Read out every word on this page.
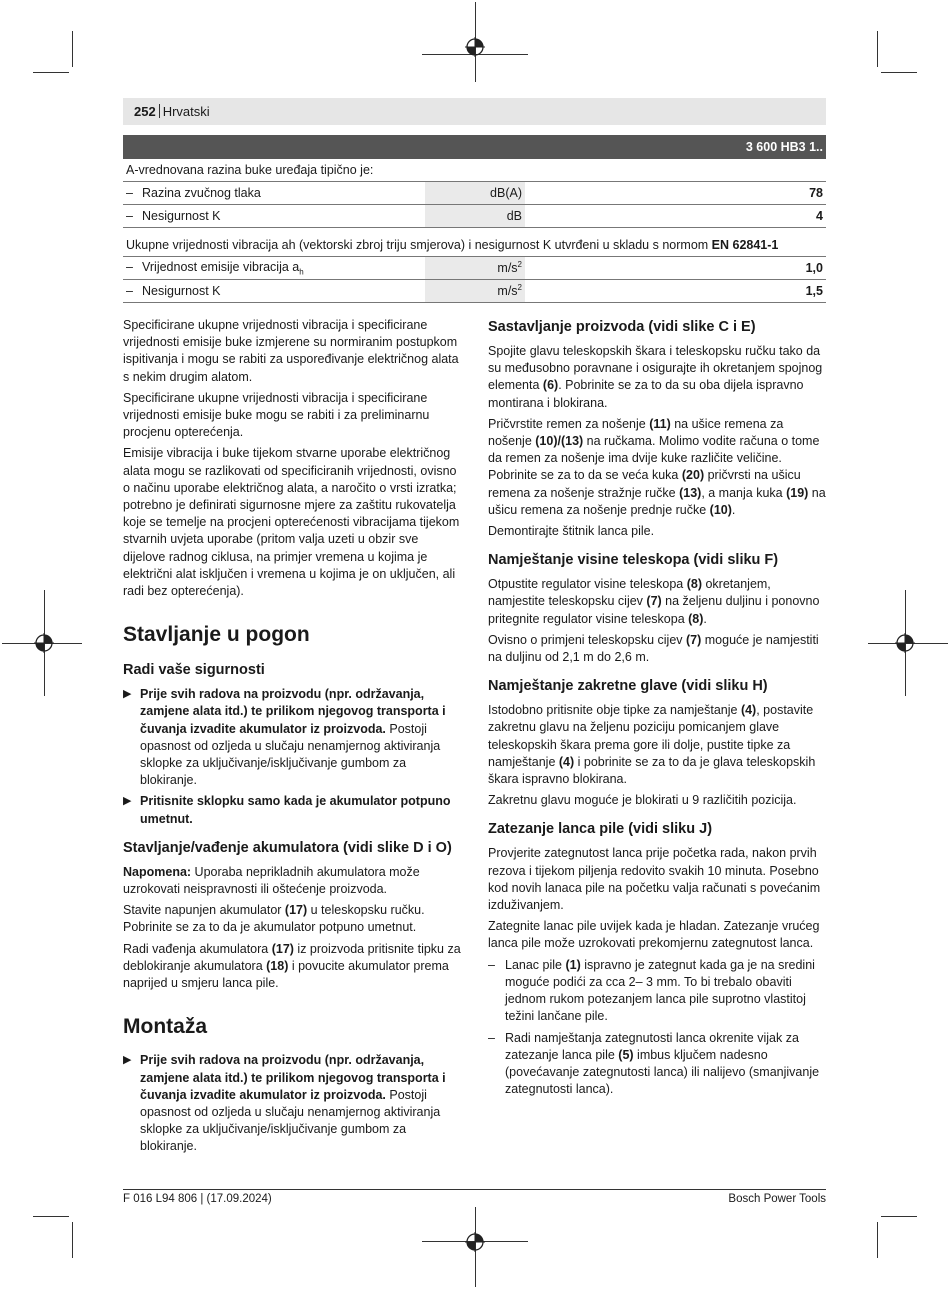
252 Hrvatski
3 600 HB3 1..		
A-vrednovana razina buke uređaja tipično je:		
– Razina zvučnog tlaka	dB(A)	78
– Nesigurnost K	dB	4

Ukupne vrijednosti vibracija ah (vektorski zbroj triju smjerova) i nesigurnost K utvrđeni u skladu s normom EN 62841-1		
– Vrijednost emisije vibracija $a_h$	$m/s^2$	1,0
– Nesigurnost K	$m/s^2$	1,5

Specificirane ukupne vrijednosti vibracija i specificirane vrijednosti emisije buke izmjerene su normiranim postupkom ispitivanja i mogu se rabiti za uspoređivanje električnog alata s nekim drugim alatom.

Specificirane ukupne vrijednosti vibracija i specificirane vrijednosti emisije buke mogu se rabiti i za preliminarnu procjenu opterećenja.

Emisije vibracija i buke tijekom stvarne uporabe električnog alata mogu se razlikovati od specificiranih vrijednosti, ovisno o načinu uporabe električnog alata, a naročito o vrsti izratka; potrebno je definirati sigurnosne mjere za zaštitu rukovatelja koje se temelje na procjeni opterećenosti vibracijama tijekom stvarnih uvjeta uporabe (pritom valja uzeti u obzir sve dijelove radnog ciklusa, na primjer vremena u kojima je električni alat isključen i vremena u kojima je on uključen, ali radi bez opterećenja).

Stavljanje u pogon
Radi vaše sigurnosti
▶ Prije svih radova na proizvodu (npr. održavanja, zamjene alata itd.) te prilikom njegovog transporta i čuvanja izvadite akumulator iz proizvoda. Postoji opasnost od ozljeda u slučaju nenamjernog aktiviranja sklopke za uključivanje/isključivanje gumbom za blokiranje.
▶ Pritisnite sklopku samo kada je akumulator potpuno umetnut.
Stavljanje/vađenje akumulatora (vidi slike D i O)

Napomena: Uporaba neprikladnih akumulatora može uzrokovati neispravnosti ili oštećenje proizvoda.

Stavite napunjen akumulator (17) u teleskopsku ručku. Pobrinite se za to da je akumulator potpuno umetnut.

Radi vađenja akumulatora (17) iz proizvoda pritisnite tipku za deblokiranje akumulatora (18) i povucite akumulator prema naprijed u smjeru lanca pile.

Montaža
▶ Prije svih radova na proizvodu (npr. održavanja, zamjene alata itd.) te prilikom njegovog transporta i čuvanja izvadite akumulator iz proizvoda. Postoji opasnost od ozljeda u slučaju nenamjernog aktiviranja sklopke za uključivanje/isključivanje gumbom za blokiranje.
Sastavljanje proizvoda (vidi slike C i E)

Spojite glavu teleskopskih škara i teleskopsku ručku tako da su međusobno poravnane i osigurajte ih okretanjem spojnog elementa (6). Pobrinite se za to da su oba dijela ispravno montirana i blokirana.

Pričvrstite remen za nošenje (11) na ušice remena za nošenje (10)/(13) na ručkama. Molimo vodite računa o tome da remen za nošenje ima dvije kuke različite veličine. Pobrinite se za to da se veća kuka (20) pričvrsti na ušicu remena za nošenje stražnje ručke (13), a manja kuka (19) na ušicu remena za nošenje prednje ručke (10).

Demontirajte štitnik lanca pile.

Namještanje visine teleskopa (vidi sliku F)

Otpustite regulator visine teleskopa (8) okretanjem, namjestite teleskopsku cijev (7) na željenu duljinu i ponovno pritegnite regulator visine teleskopa (8).

Ovisno o primjeni teleskopsku cijev (7) moguće je namjestiti na duljinu od 2,1 m do 2,6 m.

Namještanje zakretne glave (vidi sliku H)

Istodobno pritisnite obje tipke za namještanje (4), postavite zakretnu glavu na željenu poziciju pomicanjem glave teleskopskih škara prema gore ili dolje, pustite tipke za namještanje (4) i pobrinite se za to da je glava teleskopskih škara ispravno blokirana.

Zakretnu glavu moguće je blokirati u 9 različitih pozicija.

Zatezanje lanca pile (vidi sliku J)

Provjerite zategnutost lanca prije početka rada, nakon prvih rezova i tijekom piljenja redovito svakih 10 minuta. Posebno kod novih lanaca pile na početku valja računati s povećanim izduživanjem.

Zategnite lanac pile uvijek kada je hladan. Zatezanje vrućeg lanca pile može uzrokovati prekomjernu zategnutost lanca.

– Lanac pile (1) ispravno je zategnut kada ga je na sredini moguće podići za cca 2– 3 mm. To bi trebalo obaviti jednom rukom potezanjem lanca pile suprotno vlastitoj težini lančane pile.
– Radi namještanja zategnutosti lanca okrenite vijak za zatezanje lanca pile (5) imbus ključem nadesno (povećavanje zategnutosti lanca) ili nalijevo (smanjivanje zategnutosti lanca).
F 016 L94 806 | (17.09.2024)	Bosch Power Tools
